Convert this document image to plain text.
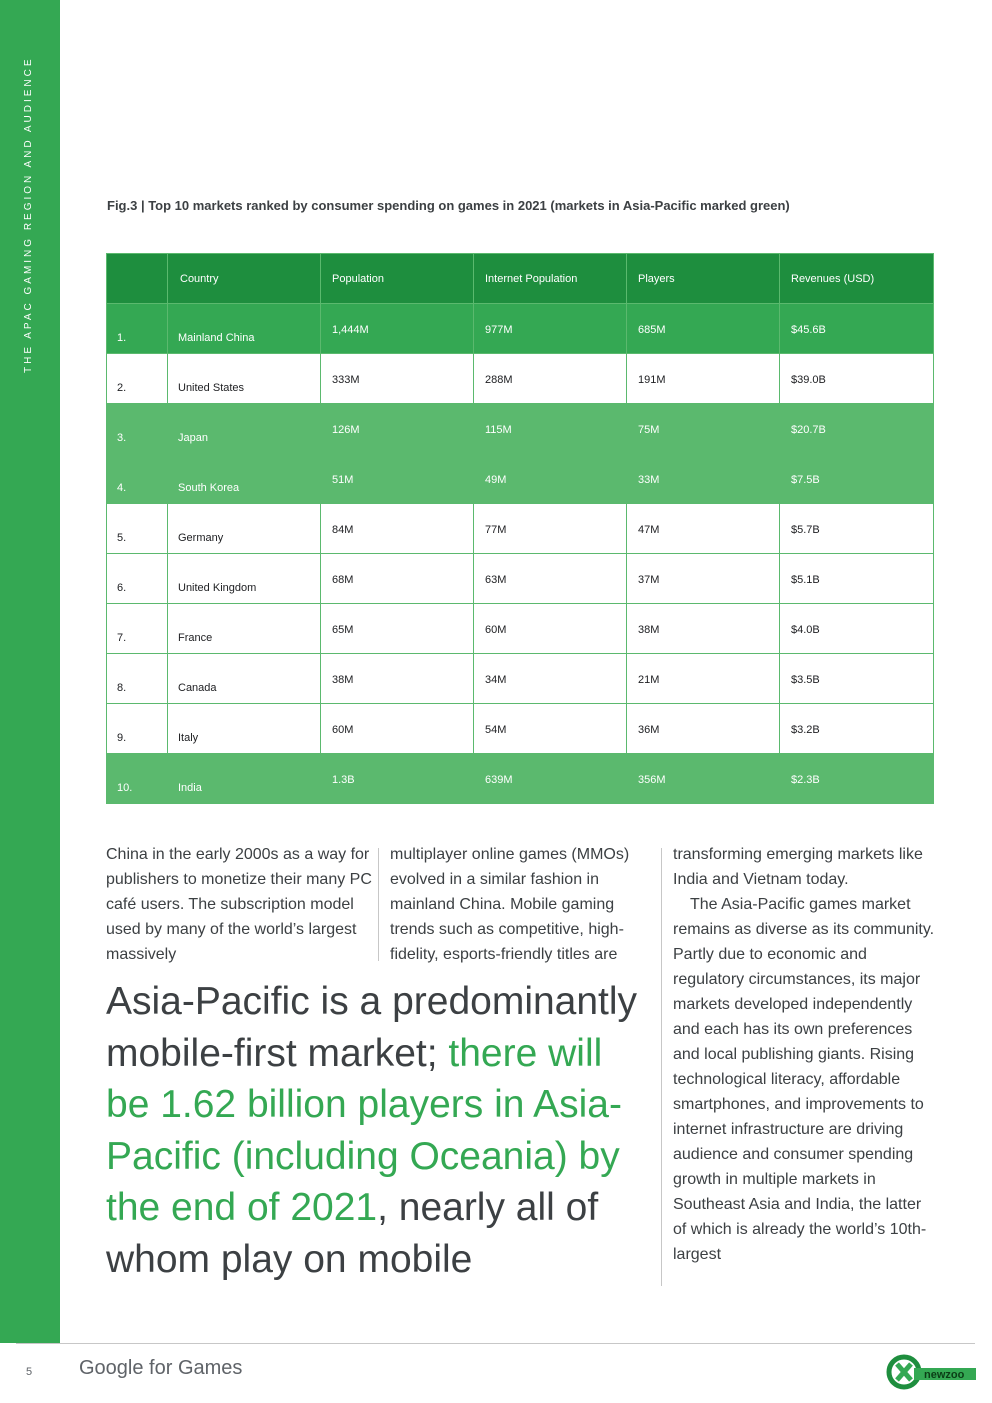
THE APAC GAMING REGION AND AUDIENCE	Fig.3 | Top 10 markets ranked by consumer spending on games in 2021 (markets in Asia-Pacific marked green)
	Country	Population	Internet Population	Players	Revenues (USD)

1.	Mainland China	1,444M	977M	685M	$45.6B

2.	United States	333M	288M	191M	$39.0B

3.	Japan	126M	115M	75M	$20.7B

4.	South Korea	51M	49M	33M	$7.5B

5.	Germany	84M	77M	47M	$5.7B

6.	United Kingdom	68M	63M	37M	$5.1B

7.	France	65M	60M	38M	$4.0B

8.	Canada	38M	34M	21M	$3.5B

9.	Italy	60M	54M	36M	$3.2B

10.	India	1.3B	639M	356M	$2.3B
China in the early 2000s as a way for publishers to monetize their many PC café users. The subscription model used by many of the world’s largest massively
multiplayer online games (MMOs) evolved in a similar fashion in mainland China. Mobile gaming trends such as competitive, high-fidelity, esports-friendly titles are

transforming emerging markets like India and Vietnam today.

The Asia-Pacific games market remains as diverse as its community. Partly due to economic and regulatory circumstances, its major markets developed independently and each has its own preferences and local publishing giants. Rising technological literacy, affordable smartphones, and improvements to internet infrastructure are driving audience and consumer spending growth in multiple markets in Southeast Asia and India, the latter of which is already the world’s 10th-largest

Asia-Pacific is a predominantly mobile-first market; there will be 1.62 billion players in Asia-Pacific (including Oceania) by the end of 2021, nearly all of whom play on mobile
5 Google for Games	newzoo
